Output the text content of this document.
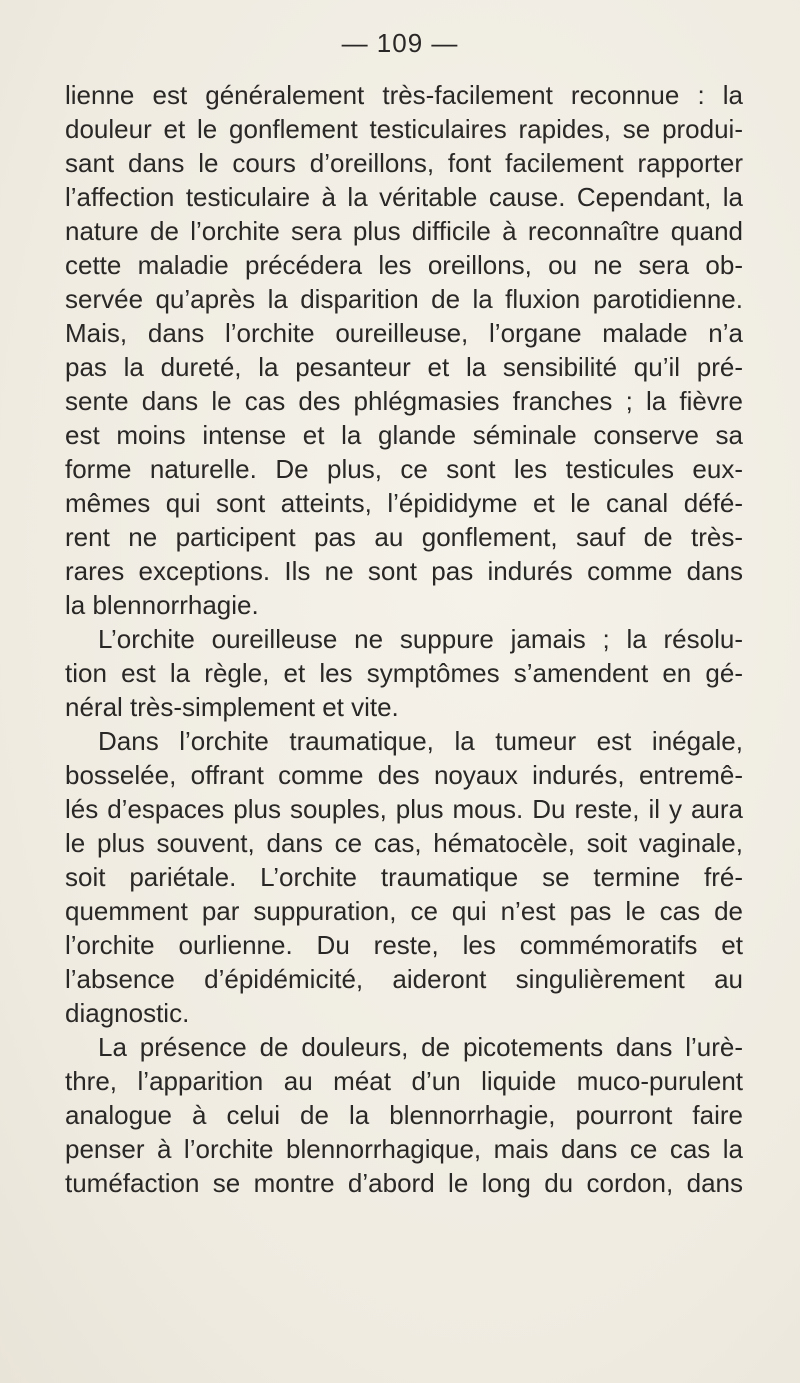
— 109 —
lienne est généralement très-facilement reconnue : la
douleur et le gonflement testiculaires rapides, se produi-
sant dans le cours d’oreillons, font facilement rapporter
l’affection testiculaire à la véritable cause. Cependant, la
nature de l’orchite sera plus difficile à reconnaître quand
cette maladie précédera les oreillons, ou ne sera ob-
servée qu’après la disparition de la fluxion parotidienne.
Mais, dans l’orchite oureilleuse, l’organe malade n’a
pas la dureté, la pesanteur et la sensibilité qu’il pré-
sente dans le cas des phlégmasies franches ; la fièvre
est moins intense et la glande séminale conserve sa
forme naturelle. De plus, ce sont les testicules eux-
mêmes qui sont atteints, l’épididyme et le canal défé-
rent ne participent pas au gonflement, sauf de très-
rares exceptions. Ils ne sont pas indurés comme dans
la blennorrhagie.
L’orchite oureilleuse ne suppure jamais ; la résolu-
tion est la règle, et les symptômes s’amendent en gé-
néral très-simplement et vite.
Dans l’orchite traumatique, la tumeur est inégale,
bosselée, offrant comme des noyaux indurés, entremê-
lés d’espaces plus souples, plus mous. Du reste, il y aura
le plus souvent, dans ce cas, hématocèle, soit vaginale,
soit pariétale. L’orchite traumatique se termine fré-
quemment par suppuration, ce qui n’est pas le cas de
l’orchite ourlienne. Du reste, les commémoratifs et
l’absence d’épidémicité, aideront singulièrement au
diagnostic.
La présence de douleurs, de picotements dans l’urè-
thre, l’apparition au méat d’un liquide muco-purulent
analogue à celui de la blennorrhagie, pourront faire
penser à l’orchite blennorrhagique, mais dans ce cas la
tuméfaction se montre d’abord le long du cordon, dans
